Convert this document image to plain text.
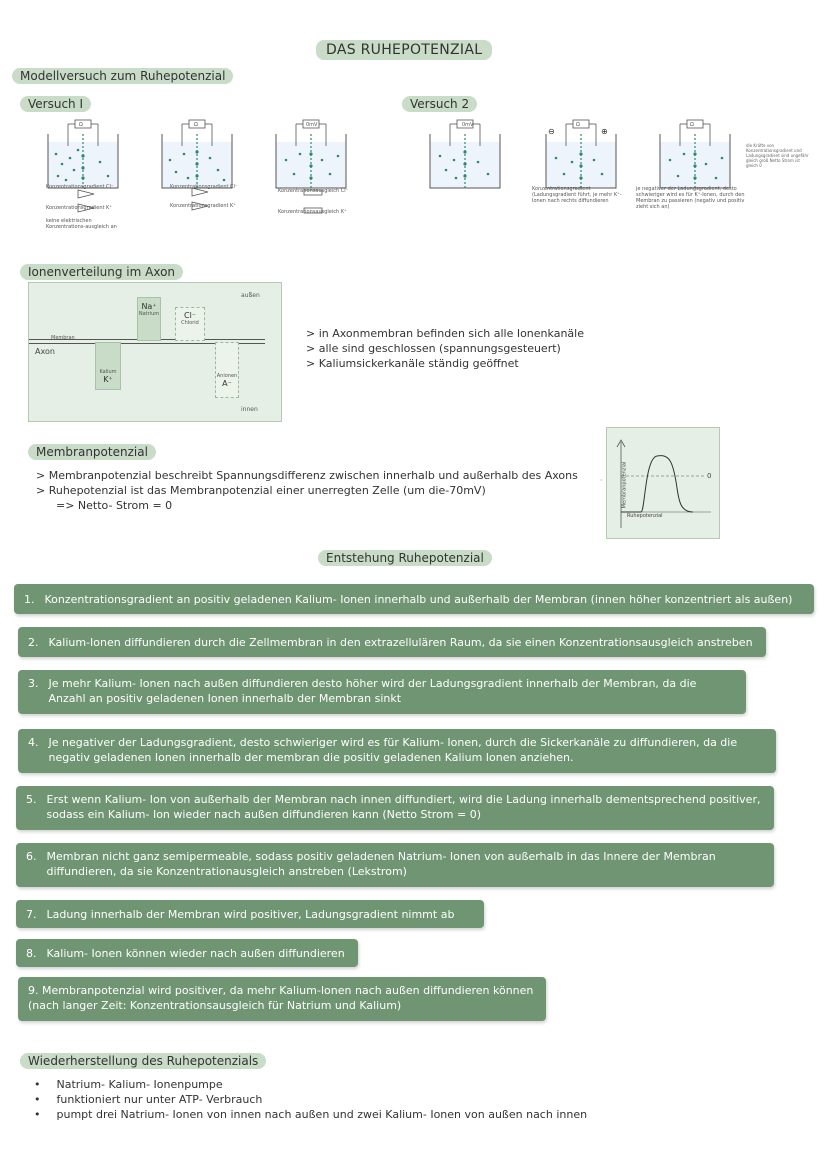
DAS RUHEPOTENZIAL
Modellversuch zum Ruhepotenzial
Versuch I	Versuch 2
Ω	Ω	0mV	0mV	Ω	Ω
⊖	⊕
Konzentrationsgradient Cl⁻
Konzentrationsgradient K⁺
keine elektrischen Konzentrations-ausgleich an
Konzentrationsgradient Cl⁻
Konzentrationsgradient K⁺
Konzentrationsausgleich Cl⁻
Konzentrationsausgleich K⁺
Konzentrationsgradient (Ladungsgradient führt, je mehr K⁺-Ionen nach rechts diffundieren
je negativer der Ladungsgradient, desto schwieriger wird es für K⁺-Ionen, durch den Membran zu passieren (negativ und positiv zieht sich an)
die Kräfte von Konzentrationsgradient und Ladungsgradient sind ungefähr gleich groß Netto Strom ist gleich 0
Ionenverteilung im Axon
außen
innen
Membran
Axon
Na⁺
Natrium	Cl⁻
Chlorid
Kalium
K⁺	Anionen
A⁻
> in Axonmembran befinden sich alle Ionenkanäle
> alle sind geschlossen (spannungsgesteuert)
> Kaliumsickerkanäle ständig geöffnet
Membranpotenzial
> Membranpotenzial beschreibt Spannungsdifferenz zwischen innerhalb und außerhalb des Axons
> Ruhepotenzial ist das Membranpotenzial einer unerregten Zelle (um die-70mV)
=> Netto- Strom = 0	Membranpotenzial
Ruhepotenzial
0
·
Entstehung Ruhepotenzial
1. Konzentrationsgradient an positiv geladenen Kalium- Ionen innerhalb und außerhalb der Membran (innen höher konzentriert als außen)
2. Kalium-Ionen diffundieren durch die Zellmembran in den extrazellulären Raum, da sie einen Konzentrationsausgleich anstreben
3. Je mehr Kalium- Ionen nach außen diffundieren desto höher wird der Ladungsgradient innerhalb der Membran, da die Anzahl an positiv geladenen Ionen innerhalb der Membran sinkt
4. Je negativer der Ladungsgradient, desto schwieriger wird es für Kalium- Ionen, durch die Sickerkanäle zu diffundieren, da die negativ geladenen Ionen innerhalb der membran die positiv geladenen Kalium Ionen anziehen.
5. Erst wenn Kalium- Ion von außerhalb der Membran nach innen diffundiert, wird die Ladung innerhalb dementsprechend positiver, sodass ein Kalium- Ion wieder nach außen diffundieren kann (Netto Strom = 0)
6. Membran nicht ganz semipermeable, sodass positiv geladenen Natrium- Ionen von außerhalb in das Innere der Membran diffundieren, da sie Konzentrationausgleich anstreben (Lekstrom)
7. Ladung innerhalb der Membran wird positiver, Ladungsgradient nimmt ab
8. Kalium- Ionen können wieder nach außen diffundieren
9. Membranpotenzial wird positiver, da mehr Kalium-Ionen nach außen diffundieren können (nach langer Zeit: Konzentrationsausgleich für Natrium und Kalium)
Wiederherstellung des Ruhepotenzials
• Natrium- Kalium- Ionenpumpe
• funktioniert nur unter ATP- Verbrauch
• pumpt drei Natrium- Ionen von innen nach außen und zwei Kalium- Ionen von außen nach innen
